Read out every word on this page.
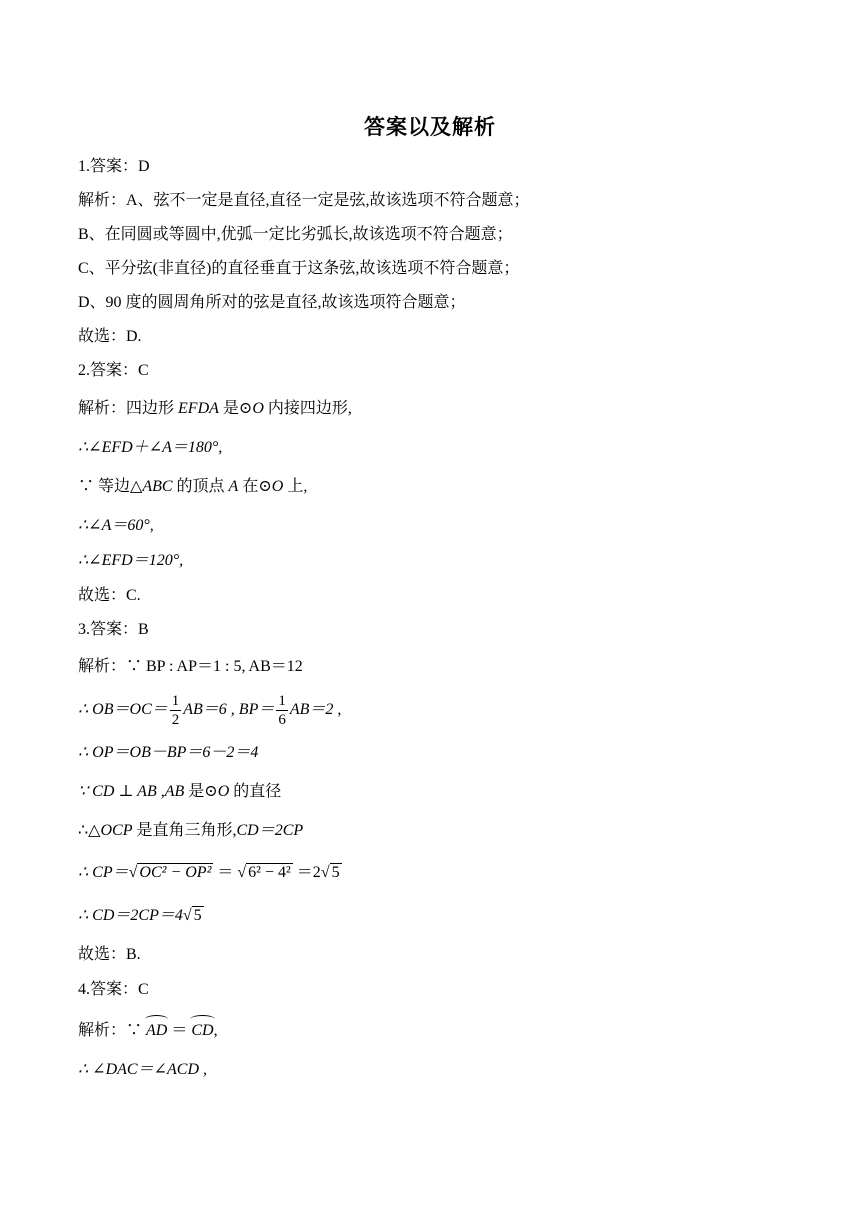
答案以及解析
1.答案：D
解析：A、弦不一定是直径,直径一定是弦,故该选项不符合题意；
B、在同圆或等圆中,优弧一定比劣弧长,故该选项不符合题意；
C、平分弦(非直径)的直径垂直于这条弦,故该选项不符合题意；
D、90 度的圆周角所对的弦是直径,故该选项符合题意；
故选：D.
2.答案：C
解析：四边形 EFDA 是⊙O 内接四边形,
∴∠EFD＋∠A＝180°,
∵ 等边△ABC 的顶点 A 在⊙O 上,
∴∠A＝60°,
∴∠EFD＝120°,
故选：C.
3.答案：B
解析：∵ BP : AP＝1 : 5, AB＝12
∴ $OB=OC= \frac{1}{2} AB=6$ , $BP= \frac{1}{6} AB=2$ ,
∴ OP＝OB－BP＝6－2＝4
∵ CD ⊥ AB ,AB 是⊙O 的直径
∴△OCP 是直角三角形,CD＝2CP
∴ CP＝√ OC² − OP² ＝ √ 6² − 4² ＝2√ 5
∴ CD＝2CP＝4√ 5
故选：B.
4.答案：C
解析：∵ AD ＝ CD,
∴ ∠DAC＝∠ACD ,
